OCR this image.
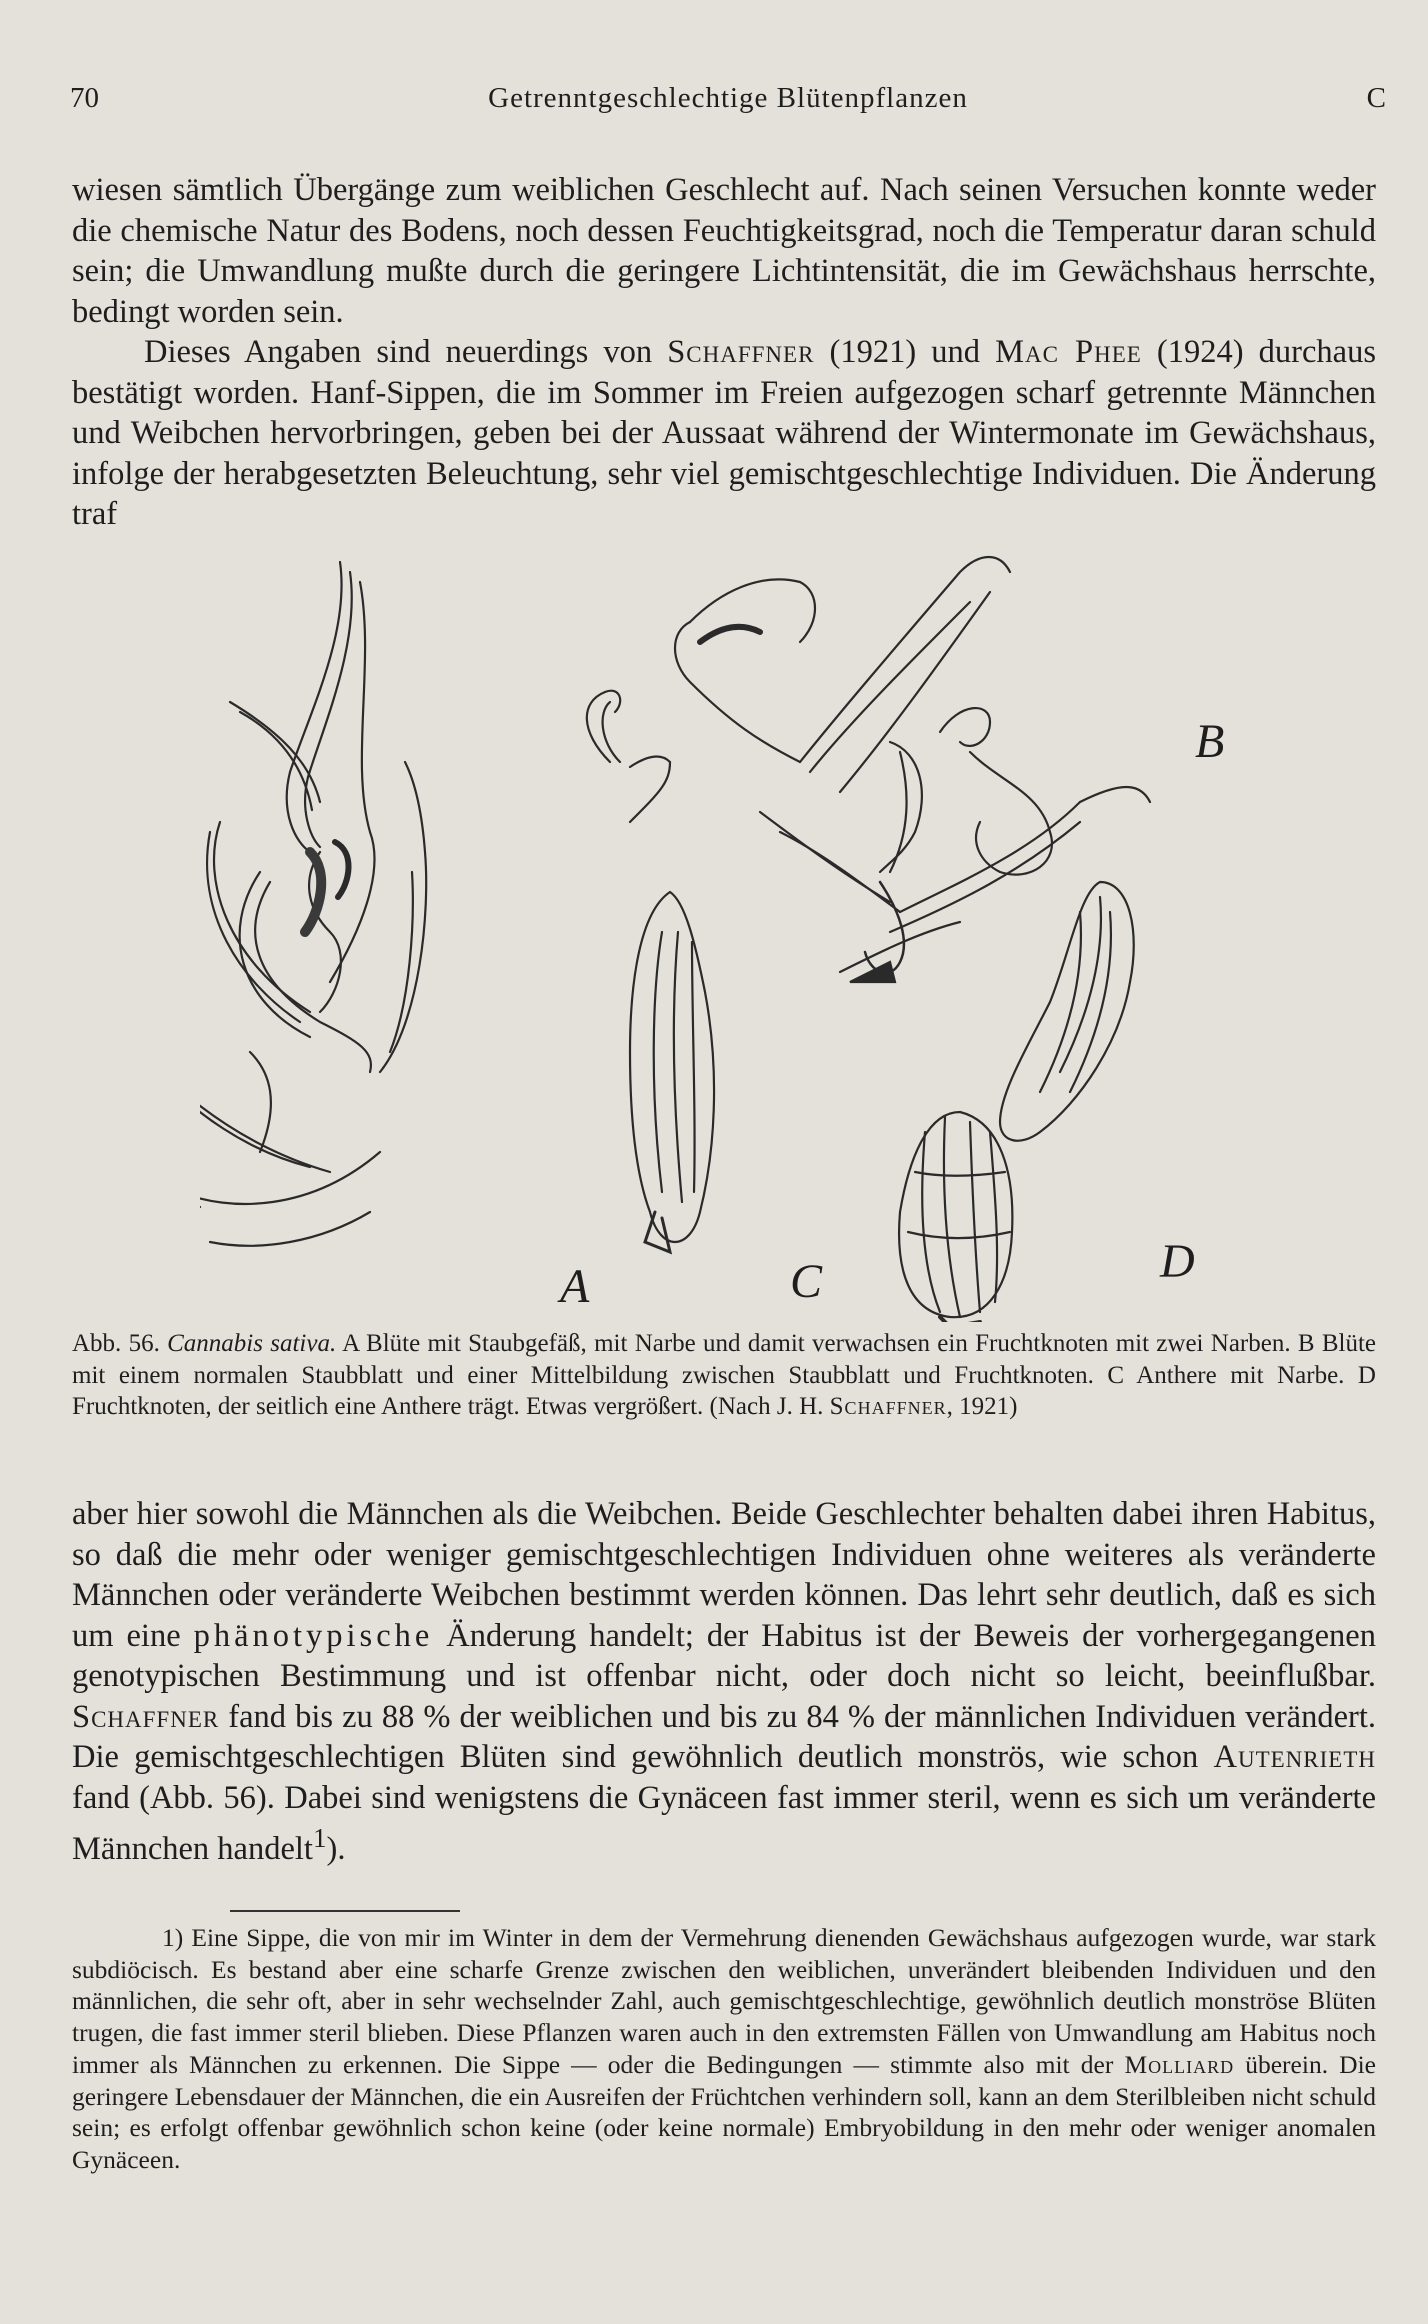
70	Getrenntgeschlechtige Blütenpflanzen	C

wiesen sämtlich Übergänge zum weiblichen Geschlecht auf. Nach seinen Versuchen konnte weder die chemische Natur des Bodens, noch dessen Feuchtigkeitsgrad, noch die Temperatur daran schuld sein; die Umwandlung mußte durch die geringere Lichtintensität, die im Gewächshaus herrschte, bedingt worden sein.

Dieses Angaben sind neuerdings von Schaffner (1921) und Mac Phee (1924) durchaus bestätigt worden. Hanf-Sippen, die im Sommer im Freien aufgezogen scharf getrennte Männchen und Weibchen hervorbringen, geben bei der Aussaat während der Wintermonate im Gewächshaus, infolge der herabgesetzten Beleuchtung, sehr viel gemischtgeschlechtige Individuen. Die Änderung traf

A
B
C	D
Abb. 56. Cannabis sativa. A Blüte mit Staubgefäß, mit Narbe und damit verwachsen ein Fruchtknoten mit zwei Narben. B Blüte mit einem normalen Staubblatt und einer Mittelbildung zwischen Staubblatt und Fruchtknoten. C Anthere mit Narbe. D Fruchtknoten, der seitlich eine Anthere trägt. Etwas vergrößert. (Nach J. H. Schaffner, 1921)

aber hier sowohl die Männchen als die Weibchen. Beide Geschlechter behalten dabei ihren Habitus, so daß die mehr oder weniger gemischtgeschlechtigen Individuen ohne weiteres als veränderte Männchen oder veränderte Weibchen bestimmt werden können. Das lehrt sehr deutlich, daß es sich um eine phänotypische Änderung handelt; der Habitus ist der Beweis der vorhergegangenen genotypischen Bestimmung und ist offenbar nicht, oder doch nicht so leicht, beeinflußbar. Schaffner fand bis zu 88 % der weiblichen und bis zu 84 % der männlichen Individuen verändert. Die gemischtgeschlechtigen Blüten sind gewöhnlich deutlich monströs, wie schon Autenrieth fand (Abb. 56). Dabei sind wenigstens die Gynäceen fast immer steril, wenn es sich um veränderte Männchen handelt$^1$).

1) Eine Sippe, die von mir im Winter in dem der Vermehrung dienenden Gewächshaus aufgezogen wurde, war stark subdiöcisch. Es bestand aber eine scharfe Grenze zwischen den weiblichen, unverändert bleibenden Individuen und den männlichen, die sehr oft, aber in sehr wechselnder Zahl, auch gemischtgeschlechtige, gewöhnlich deutlich monströse Blüten trugen, die fast immer steril blieben. Diese Pflanzen waren auch in den extremsten Fällen von Umwandlung am Habitus noch immer als Männchen zu erkennen. Die Sippe — oder die Bedingungen — stimmte also mit der Molliard überein. Die geringere Lebensdauer der Männchen, die ein Ausreifen der Früchtchen verhindern soll, kann an dem Sterilbleiben nicht schuld sein; es erfolgt offenbar gewöhnlich schon keine (oder keine normale) Embryobildung in den mehr oder weniger anomalen Gynäceen.
